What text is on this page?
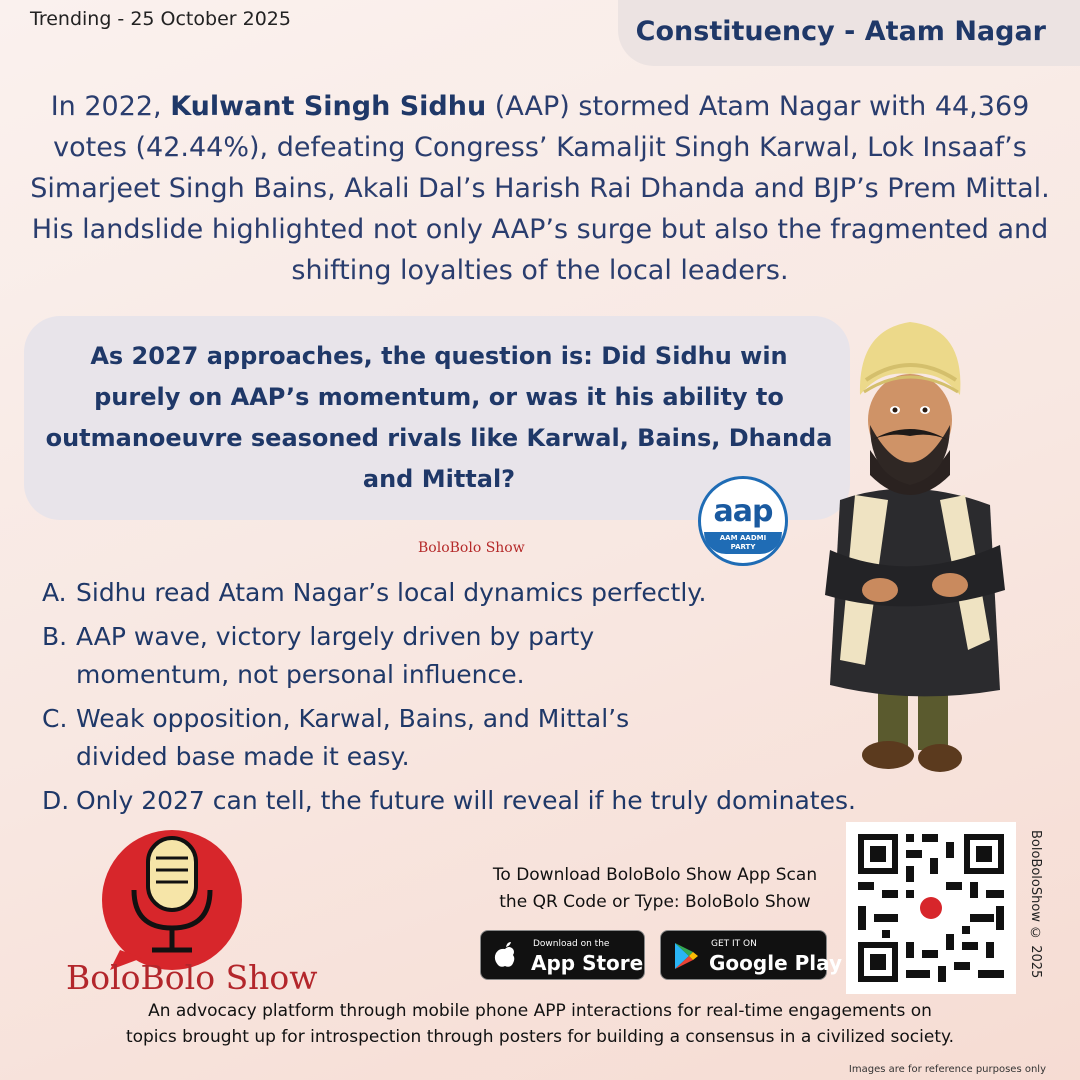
Trending - 25 October 2025	Constituency - Atam Nagar
In 2022, Kulwant Singh Sidhu (AAP) stormed Atam Nagar with 44,369 votes (42.44%), defeating Congress’ Kamaljit Singh Karwal, Lok Insaaf’s Simarjeet Singh Bains, Akali Dal’s Harish Rai Dhanda and BJP’s Prem Mittal. His landslide highlighted not only AAP’s surge but also the fragmented and shifting loyalties of the local leaders.
As 2027 approaches, the question is: Did Sidhu win purely on AAP’s momentum, or was it his ability to outmanoeuvre seasoned rivals like Karwal, Bains, Dhanda and Mittal?
aap
AAM AADMI
PARTY
BoloBolo Show
A. Sidhu read Atam Nagar’s local dynamics perfectly.
B. AAP wave, victory largely driven by party
momentum, not personal influence.
C. Weak opposition, Karwal, Bains, and Mittal’s
divided base made it easy.
D. Only 2027 can tell, the future will reveal if he truly dominates.
BoloBolo Show
To Download BoloBolo Show App Scan
the QR Code or Type: BoloBolo Show
Download on the
App Store
GET IT ON
Google Play	BoloBoloShow © 2025
An advocacy platform through mobile phone APP interactions for real-time engagements on
topics brought up for introspection through posters for building a consensus in a civilized society.
Images are for reference purposes only
